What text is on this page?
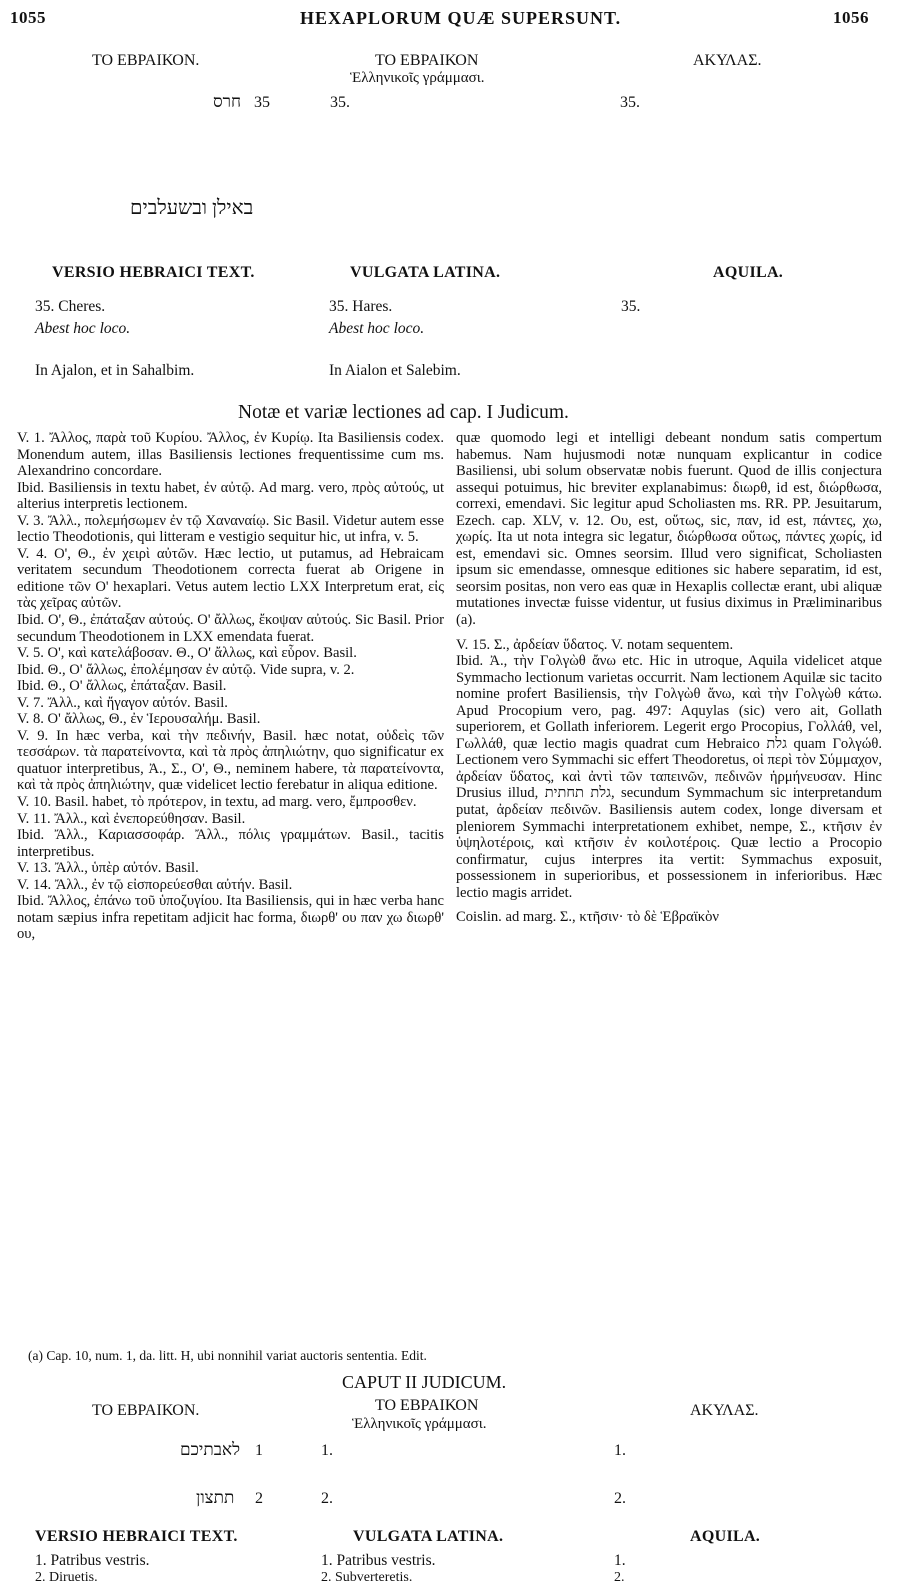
1055	HEXAPLORUM QUÆ SUPERSUNT.	1056
ΤΟ ΕΒΡΑΙΚΟΝ.	ΤΟ ΕΒΡΑΙΚΟΝ
Ἑλληνικοῖς γράμμασι.
ΑΚΥΛΑΣ.
חרס 35	35.	35.
באילן ובשעלבים
VERSIO HEBRAICI TEXT.	VULGATA LATINA.	AQUILA.
35. Cheres.	35. Hares.	35.
Abest hoc loco.	Abest hoc loco.
In Ajalon, et in Sahalbim.	In Aialon et Salebim.
Notæ et variæ lectiones ad cap. I Judicum.

V. 1. Ἄλλος, παρὰ τοῦ Κυρίου. Ἄλλος, ἐν Κυρίῳ. Ita Basiliensis codex. Monendum autem, illas Basiliensis lectiones frequentissime cum ms. Alexandrino concordare.

Ibid. Basiliensis in textu habet, ἐν αὐτῷ. Ad marg. vero, πρὸς αὐτούς, ut alterius interpretis lectionem.

V. 3. Ἄλλ., πολεμήσωμεν ἐν τῷ Χαναναίῳ. Sic Basil. Videtur autem esse lectio Theodotionis, qui litteram e vestigio sequitur hic, ut infra, v. 5.

V. 4. Ο', Θ., ἐν χειρὶ αὐτῶν. Hæc lectio, ut putamus, ad Hebraicam veritatem secundum Theodotionem correcta fuerat ab Origene in editione τῶν Ο' hexaplari. Vetus autem lectio LXX Interpretum erat, εἰς τὰς χεῖρας αὐτῶν.

Ibid. Ο', Θ., ἐπάταξαν αὐτούς. Ο' ἄλλως, ἔκοψαν αὐτούς. Sic Basil. Prior secundum Theodotionem in LXX emendata fuerat.

V. 5. Ο', καὶ κατελάβοσαν. Θ., Ο' ἄλλως, καὶ εὗρον. Basil.

Ibid. Θ., Ο' ἄλλως, ἐπολέμησαν ἐν αὐτῷ. Vide supra, v. 2.

Ibid. Θ., Ο' ἄλλως, ἐπάταξαν. Basil.

V. 7. Ἄλλ., καὶ ἤγαγον αὐτόν. Basil.

V. 8. Ο' ἄλλως, Θ., ἐν Ἱερουσαλήμ. Basil.

V. 9. In hæc verba, καὶ τὴν πεδινήν, Basil. hæc notat, οὐδεὶς τῶν τεσσάρων. τὰ παρατείνοντα, καὶ τὰ πρὸς ἀπηλιώτην, quo significatur ex quatuor interpretibus, Ἀ., Σ., Ο', Θ., neminem habere, τὰ παρατείνοντα, καὶ τὰ πρὸς ἀπηλιώτην, quæ videlicet lectio ferebatur in aliqua editione.

V. 10. Basil. habet, τὸ πρότερον, in textu, ad marg. vero, ἔμπροσθεν.

V. 11. Ἄλλ., καὶ ἐνεπορεύθησαν. Basil.

Ibid. Ἄλλ., Καριασσοφάρ. Ἄλλ., πόλις γραμμάτων. Basil., tacitis interpretibus.

V. 13. Ἄλλ., ὑπὲρ αὐτόν. Basil.

V. 14. Ἄλλ., ἐν τῷ εἰσπορεύεσθαι αὐτήν. Basil.

Ibid. Ἄλλος, ἐπάνω τοῦ ὑποζυγίου. Ita Basiliensis, qui in hæc verba hanc notam sæpius infra repetitam adjicit hac forma, διωρθ' ου παν χω διωρθ' ου,

quæ quomodo legi et intelligi debeant nondum satis compertum habemus. Nam hujusmodi notæ nunquam explicantur in codice Basiliensi, ubi solum observatæ nobis fuerunt. Quod de illis conjectura assequi potuimus, hic breviter explanabimus: διωρθ, id est, διώρθωσα, correxi, emendavi. Sic legitur apud Scholiasten ms. RR. PP. Jesuitarum, Ezech. cap. XLV, v. 12. Ου, est, οὕτως, sic, παν, id est, πάντες, χω, χωρίς. Ita ut nota integra sic legatur, διώρθωσα οὕτως, πάντες χωρίς, id est, emendavi sic. Omnes seorsim. Illud vero significat, Scholiasten ipsum sic emendasse, omnesque editiones sic habere separatim, id est, seorsim positas, non vero eas quæ in Hexaplis collectæ erant, ubi aliquæ mutationes invectæ fuisse videntur, ut fusius diximus in Præliminaribus (a).

V. 15. Σ., ἀρδείαν ὕδατος. V. notam sequentem.

Ibid. Ἀ., τὴν Γολγὼθ ἄνω etc. Hic in utroque, Aquila videlicet atque Symmacho lectionum varietas occurrit. Nam lectionem Aquilæ sic tacito nomine profert Basiliensis, τὴν Γολγὼθ ἄνω, καὶ τὴν Γολγὼθ κάτω. Apud Procopium vero, pag. 497: Aquylas (sic) vero ait, Gollath superiorem, et Gollath inferiorem. Legerit ergo Procopius, Γολλάθ, vel, Γωλλάθ, quæ lectio magis quadrat cum Hebraico גלת quam Γολγώθ. Lectionem vero Symmachi sic effert Theodoretus, οἱ περὶ τὸν Σύμμαχον, ἀρδείαν ὕδατος, καὶ ἀντὶ τῶν ταπεινῶν, πεδινῶν ἡρμήνευσαν. Hinc Drusius illud, גלת תחתית, secundum Symmachum sic interpretandum putat, ἀρδείαν πεδινῶν. Basiliensis autem codex, longe diversam et pleniorem Symmachi interpretationem exhibet, nempe, Σ., κτῆσιν ἐν ὑψηλοτέροις, καὶ κτῆσιν ἐν κοιλοτέροις. Quæ lectio a Procopio confirmatur, cujus interpres ita vertit: Symmachus exposuit, possessionem in superioribus, et possessionem in inferioribus. Hæc lectio magis arridet.

Coislin. ad marg. Σ., κτῆσιν· τὸ δὲ Ἑβραϊκὸν

(a) Cap. 10, num. 1, da. litt. H, ubi nonnihil variat auctoris sententia. Edit.
CAPUT II JUDICUM.
ΤΟ ΕΒΡΑΙΚΟΝ.	ΤΟ ΕΒΡΑΙΚΟΝ
Ἑλληνικοῖς γράμμασι.
ΑΚΥΛΑΣ.
לאבתיכם 1	1.	1.
תתצון 2	2.	2.
VERSIO HEBRAICI TEXT.	VULGATA LATINA.	AQUILA.
1. Patribus vestris.	1. Patribus vestris.	1.
2. Diruetis.	2. Subverteretis.	2.
